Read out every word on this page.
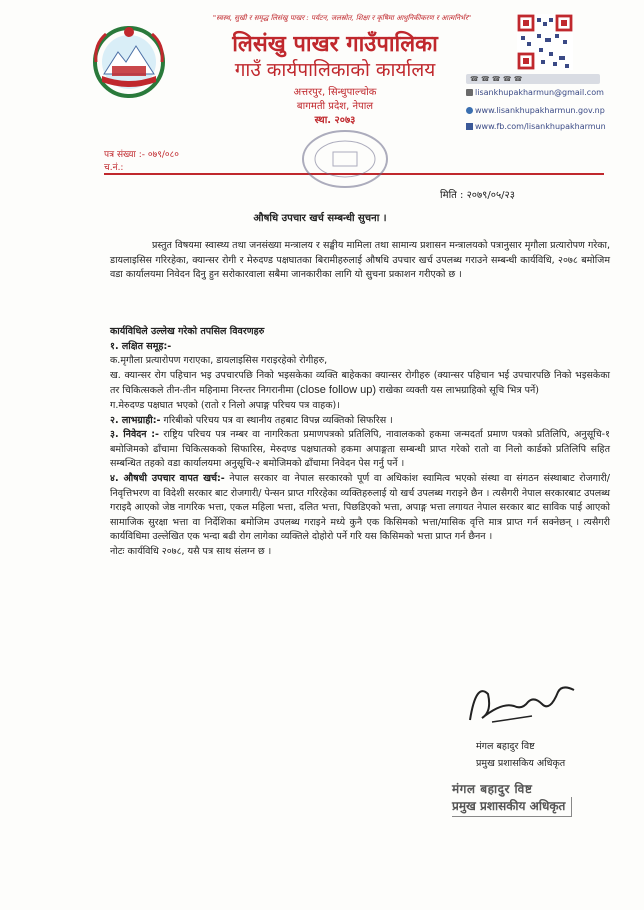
"स्वस्थ, सुखी र समृद्ध लिसंखु पाखर : पर्यटन, जलस्रोत, शिक्षा र कृषिमा आधुनिकीकरण र आत्मनिर्भर"
लिसंखु पाखर गाउँपालिका
गाउँ कार्यपालिकाको कार्यालय
अत्तरपुर, सिन्धुपाल्चोक
बागमती प्रदेश, नेपाल
स्था. २०७३
☎ ☎ ☎ ☎ ☎
lisankhupakharmun@gmail.com
www.lisankhupakharmun.gov.np
www.fb.com/lisankhupakharmun
पत्र संख्या :- ०७९/०८०
च.नं.:
मिति : २०७९/०५/२३
औषधि उपचार खर्च सम्बन्धी सुचना ।
प्रस्तुत विषयमा स्वास्थ्य तथा जनसंख्या मन्त्रालय र सङ्घीय मामिला तथा सामान्य प्रशासन मन्त्रालयको पत्रानुसार मृगौला प्रत्यारोपण गरेका, डायलाइसिस गरिरहेका, क्यान्सर रोगी र मेरुदण्ड पक्षघातका बिरामीहरुलाई औषधि उपचार खर्च उपलब्ध गराउने सम्बन्धी कार्यविधि, २०७८ बमोजिम वडा कार्यालयमा निवेदन दिनु हुन सरोकारवाला सबैमा जानकारीका लागि यो सुचना प्रकाशन गरीएको छ ।

कार्यविधिले उल्लेख गरेको तपसिल विवरणहरु

१. लक्षित समूह:-

क.मृगौला प्रत्यारोपण गराएका, डायलाइसिस गराइरहेको रोगीहरु,

ख. क्यान्सर रोग पहिचान भइ उपचारपछि निको भइसकेका व्यक्ति बाहेकका क्यान्सर रोगीहरु (क्यान्सर पहिचान भई उपचारपछि निको भइसकेका तर चिकित्सकले तीन-तीन महिनामा निरन्तर निगरानीमा (close follow up) राखेका व्यक्ती यस लाभग्राहिको सूचि भित्र पर्ने)

ग.मेरुदण्ड पक्षघात भएको (रातो र निलो अपाङ्ग परिचय पत्र वाहक)।

२. लाभग्राही:- गरिबीको परिचय पत्र वा स्थानीय तहबाट विपन्न व्यक्तिको सिफरिस ।

३. निवेदन :- राष्ट्रिय परिचय पत्र नम्बर वा नागरिकता प्रमाणपत्रको प्रतिलिपि, नावालकको हकमा जन्मदर्ता प्रमाण पत्रको प्रतिलिपि, अनुसूचि-१ बमोजिमको ढाँचामा चिकित्सकको सिफारिस, मेरुदण्ड पक्षघातको हकमा अपाङ्गता सम्बन्धी प्राप्त गरेको रातो वा निलो कार्डको प्रतिलिपि सहित सम्बन्धित तहको वडा कार्यालयमा अनुसूचि-२ बमोजिमको ढाँचामा निवेदन पेस गर्नु पर्ने ।

४. औषधी उपचार वापत खर्च:- नेपाल सरकार वा नेपाल सरकारको पूर्ण वा अधिकांश स्वामित्व भएको संस्था वा संगठन संस्थाबाट रोजगारी/निवृत्तिभरण वा विदेशी सरकार बाट रोजगारी/ पेन्सन प्राप्त गरिरहेका व्यक्तिहरुलाई यो खर्च उपलब्ध गराइने छैन । त्यसैगरी नेपाल सरकारबाट उपलब्ध गराइदै आएको जेष्ठ नागरिक भत्ता, एकल महिला भत्ता, दलित भत्ता, पिछडिएको भत्ता, अपाङ्ग भत्ता लगायत नेपाल सरकार बाट साविक पाई आएको सामाजिक सुरक्षा भत्ता वा निर्देशिका बमोजिम उपलब्ध गराइने मध्ये कुनै एक किसिमको भत्ता/मासिक वृत्ति मात्र प्राप्त गर्न सक्नेछन् । त्यसैगरी कार्यविधिमा उल्लेखित एक भन्दा बढी रोग लागेका व्यक्तिले दोहोरो पर्ने गरि यस किसिमको भत्ता प्राप्त गर्न छैनन ।

नोटः कार्यविधि २०७८, यसै पत्र साथ संलग्न छ ।

मंगल बहादुर विष्ट
प्रमुख प्रशासकिय अधिकृत
मंगल बहादुर विष्ट
प्रमुख प्रशासकीय अधिकृत
